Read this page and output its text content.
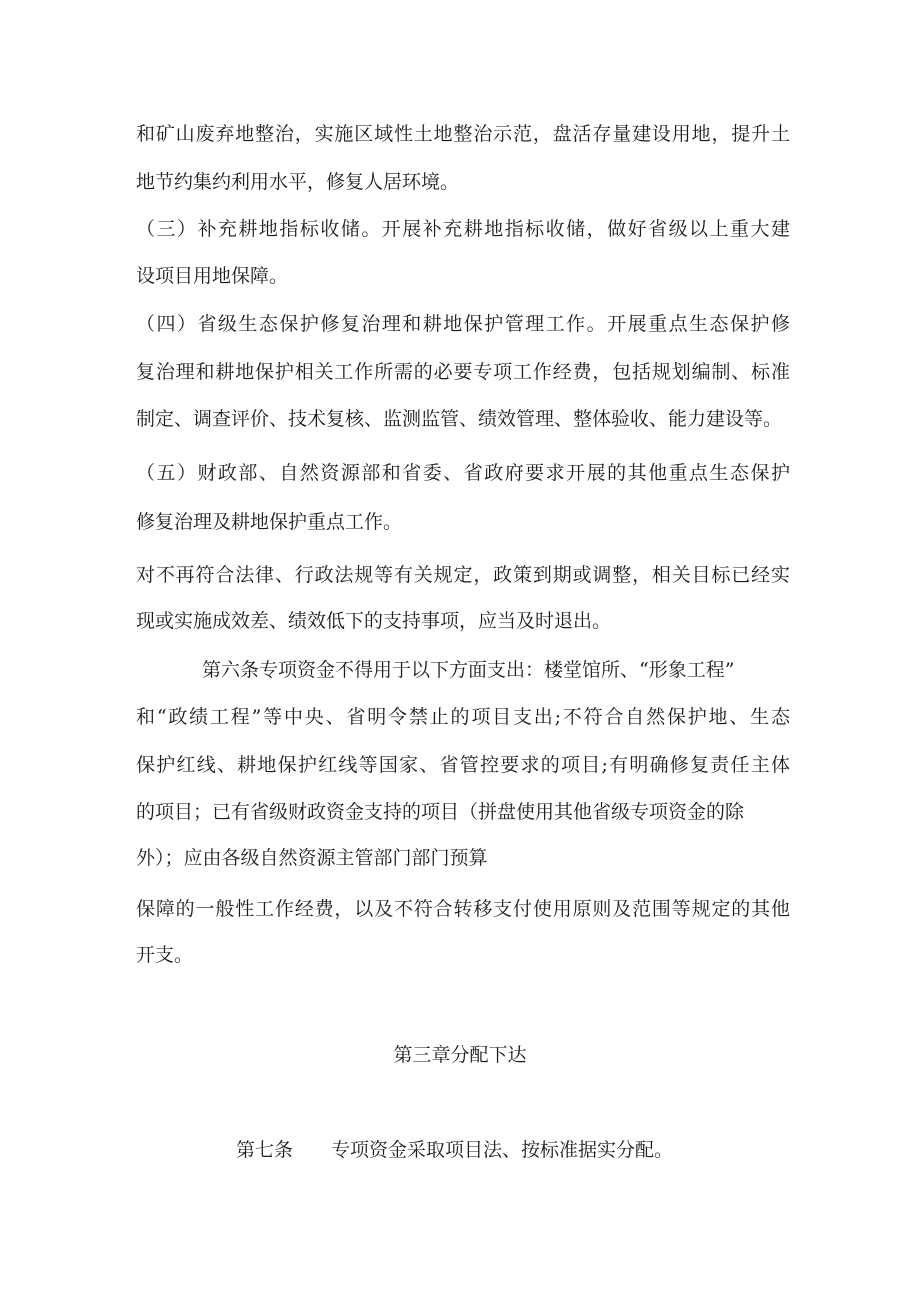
和矿山废弃地整治，实施区域性土地整治示范，盘活存量建设用地，提升土

地节约集约利用水平，修复人居环境。

（三）补充耕地指标收储。开展补充耕地指标收储，做好省级以上重大建

设项目用地保障。

（四）省级生态保护修复治理和耕地保护管理工作。开展重点生态保护修

复治理和耕地保护相关工作所需的必要专项工作经费，包括规划编制、标准

制定、调查评价、技术复核、监测监管、绩效管理、整体验收、能力建设等。

（五）财政部、自然资源部和省委、省政府要求开展的其他重点生态保护

修复治理及耕地保护重点工作。

对不再符合法律、行政法规等有关规定，政策到期或调整，相关目标已经实

现或实施成效差、绩效低下的支持事项，应当及时退出。

第六条专项资金不得用于以下方面支出：楼堂馆所、“形象工程”

和“政绩工程”等中央、省明令禁止的项目支出;不符合自然保护地、生态

保护红线、耕地保护红线等国家、省管控要求的项目;有明确修复责任主体

的项目；已有省级财政资金支持的项目（拼盘使用其他省级专项资金的除

外）；应由各级自然资源主管部门部门预算

保障的一般性工作经费，以及不符合转移支付使用原则及范围等规定的其他

开支。

第三章分配下达

第七条 专项资金采取项目法、按标准据实分配。
